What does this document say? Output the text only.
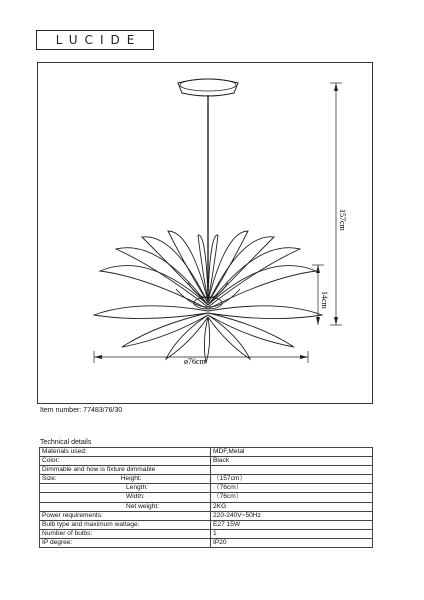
LUCIDE
157cm
14cm
ø76cm
Item number: 77483/76/30
Technical details
Materials used:	MDF,Metal
Color:	Black
Dimmable and how is fixture dimmable	
Size: Height:	（157cm）
Length:	（76cm）
Width:	（76cm）
Net weight:	2KG
Power requirements:	220-240V~50Hz
Bulb type and maximum wattage:	E27 15W
Number of bulbs:	1
IP degree:	IP20
